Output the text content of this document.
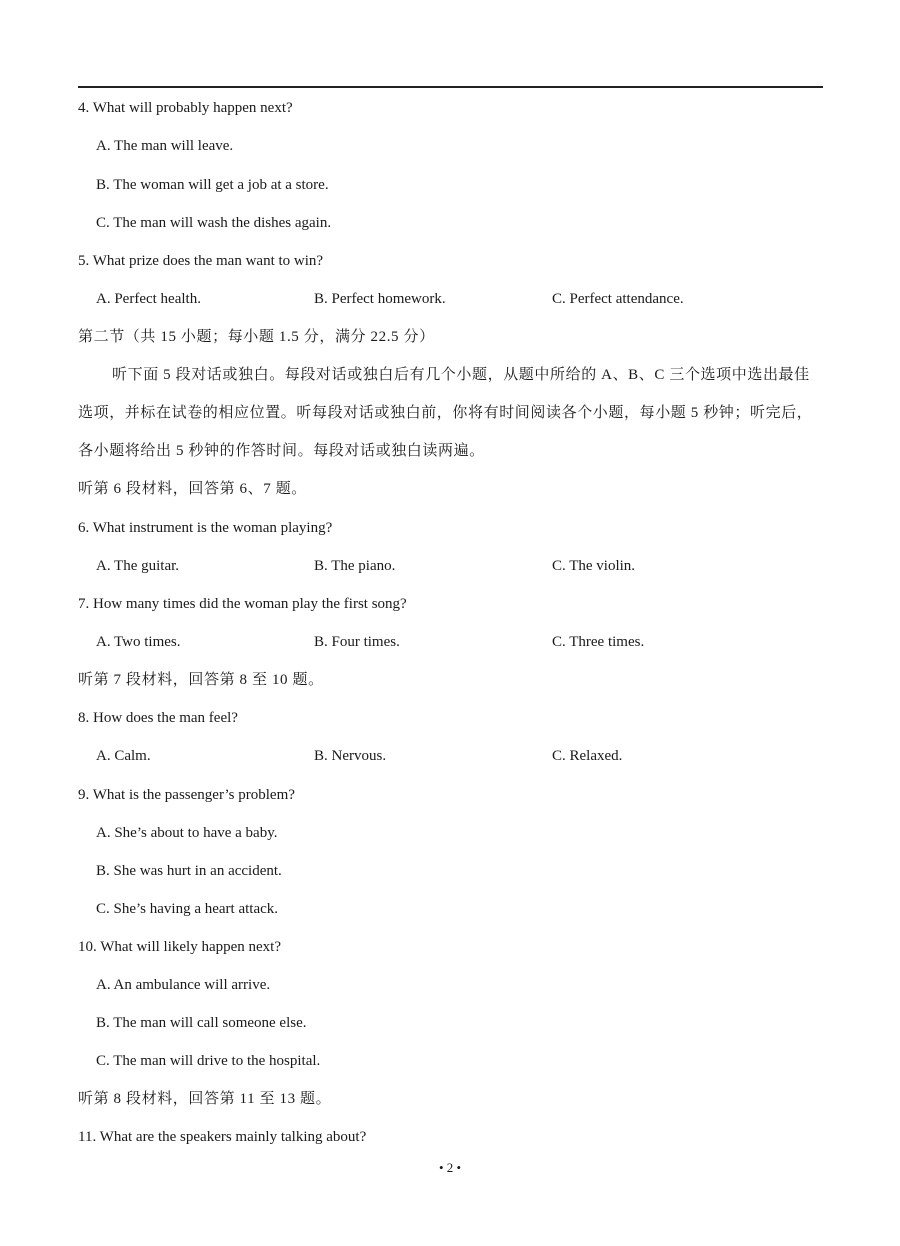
4. What will probably happen next?
A. The man will leave.
B. The woman will get a job at a store.
C. The man will wash the dishes again.
5. What prize does the man want to win?
A. Perfect health.	B. Perfect homework.	C. Perfect attendance.
第二节（共 15 小题；每小题 1.5 分，满分 22.5 分）
听下面 5 段对话或独白。每段对话或独白后有几个小题，从题中所给的 A、B、C 三个选项中选出最佳选项，并标在试卷的相应位置。听每段对话或独白前，你将有时间阅读各个小题，每小题 5 秒钟；听完后，各小题将给出 5 秒钟的作答时间。每段对话或独白读两遍。
听第 6 段材料，回答第 6、7 题。
6. What instrument is the woman playing?
A. The guitar.	B. The piano.	C. The violin.
7. How many times did the woman play the first song?
A. Two times.	B. Four times.	C. Three times.
听第 7 段材料，回答第 8 至 10 题。
8. How does the man feel?
A. Calm.	B. Nervous.	C. Relaxed.
9. What is the passenger’s problem?
A. She’s about to have a baby.
B. She was hurt in an accident.
C. She’s having a heart attack.
10. What will likely happen next?
A. An ambulance will arrive.
B. The man will call someone else.
C. The man will drive to the hospital.
听第 8 段材料，回答第 11 至 13 题。
11. What are the speakers mainly talking about?
• 2 •
